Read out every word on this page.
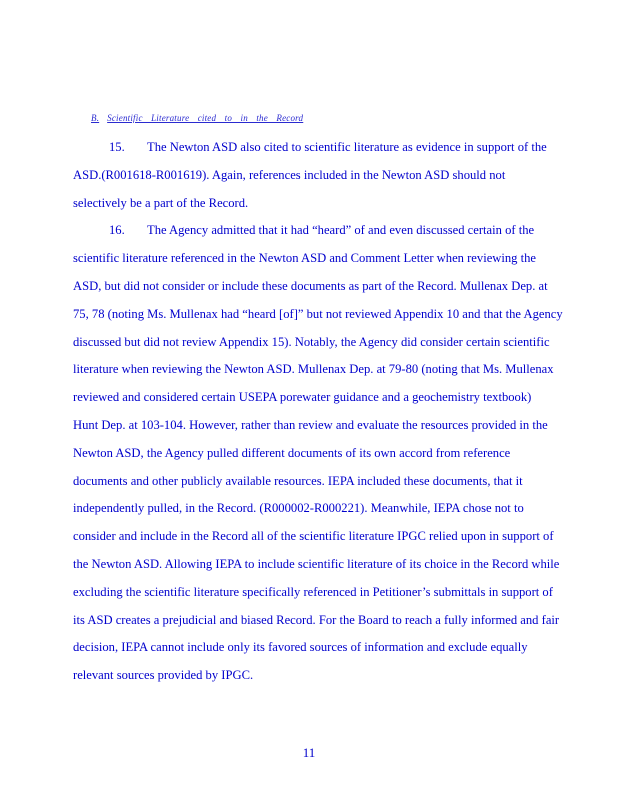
B. Scientific Literature cited to in the Record
15. The Newton ASD also cited to scientific literature as evidence in support of the
ASD.(R001618-R001619). Again, references included in the Newton ASD should not
selectively be a part of the Record.
16. The Agency admitted that it had “heard” of and even discussed certain of the
scientific literature referenced in the Newton ASD and Comment Letter when reviewing the
ASD, but did not consider or include these documents as part of the Record. Mullenax Dep. at
75, 78 (noting Ms. Mullenax had “heard [of]” but not reviewed Appendix 10 and that the Agency
discussed but did not review Appendix 15). Notably, the Agency did consider certain scientific
literature when reviewing the Newton ASD. Mullenax Dep. at 79-80 (noting that Ms. Mullenax
reviewed and considered certain USEPA porewater guidance and a geochemistry textbook)
Hunt Dep. at 103-104. However, rather than review and evaluate the resources provided in the
Newton ASD, the Agency pulled different documents of its own accord from reference
documents and other publicly available resources. IEPA included these documents, that it
independently pulled, in the Record. (R000002-R000221). Meanwhile, IEPA chose not to
consider and include in the Record all of the scientific literature IPGC relied upon in support of
the Newton ASD. Allowing IEPA to include scientific literature of its choice in the Record while
excluding the scientific literature specifically referenced in Petitioner’s submittals in support of
its ASD creates a prejudicial and biased Record. For the Board to reach a fully informed and fair
decision, IEPA cannot include only its favored sources of information and exclude equally
relevant sources provided by IPGC.
11
